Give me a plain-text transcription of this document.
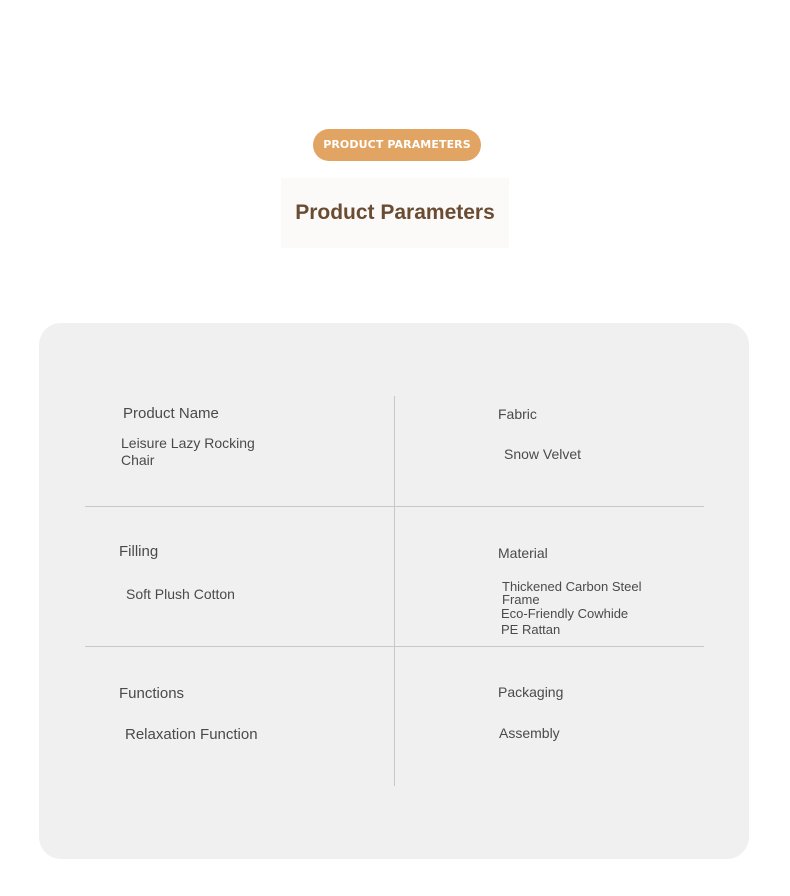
PRODUCT PARAMETERS
Product Parameters
Product Name
Leisure Lazy Rocking Chair
Fabric
Snow Velvet
Filling
Soft Plush Cotton
Material
Thickened Carbon Steel
Frame
Eco-Friendly Cowhide
PE Rattan
Functions
Relaxation Function
Packaging
Assembly
